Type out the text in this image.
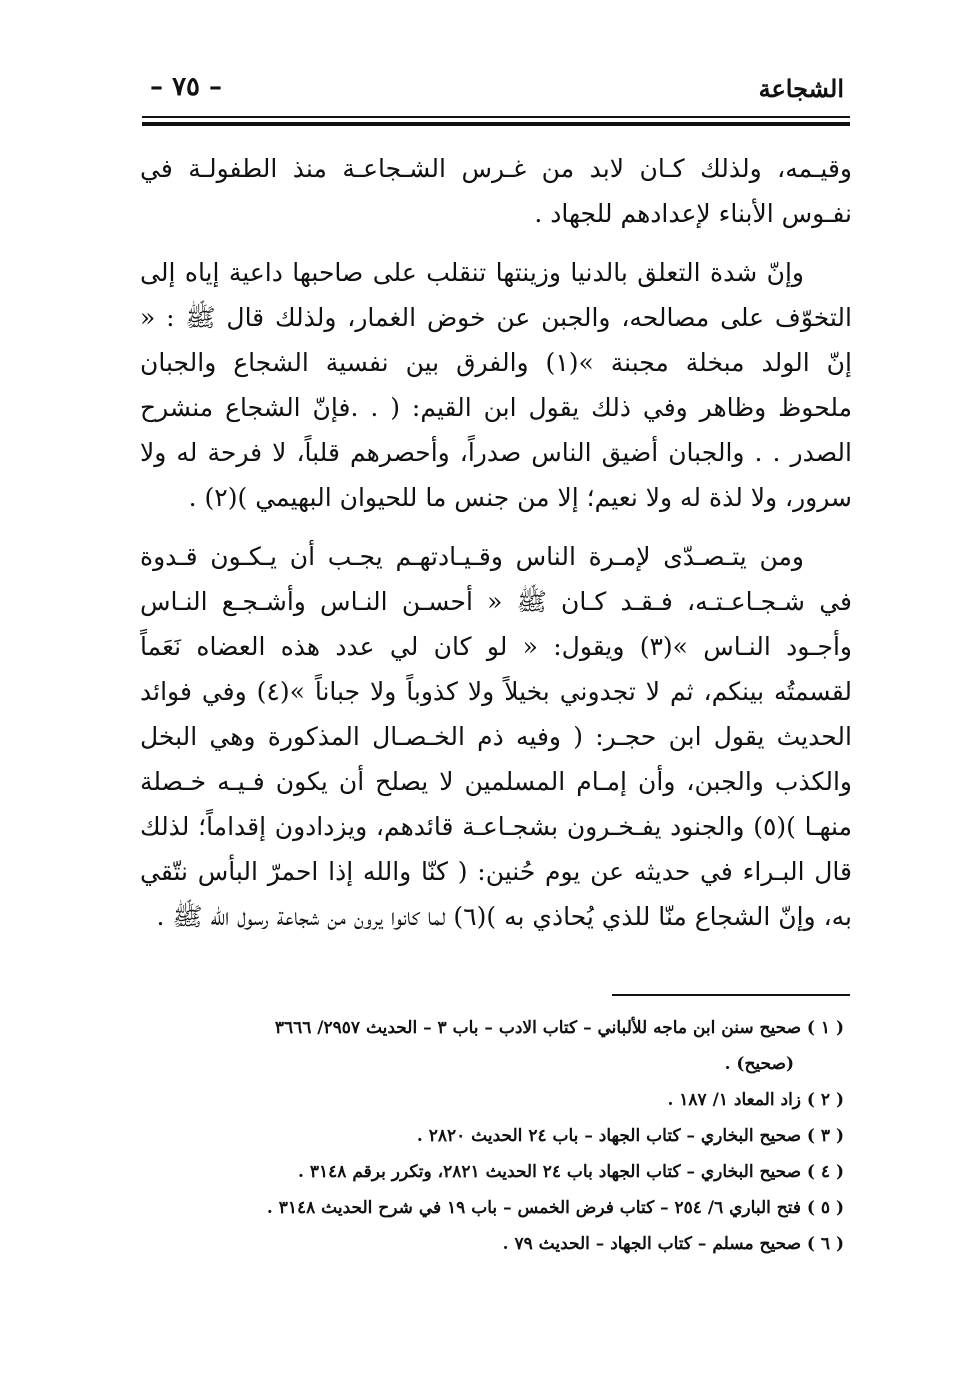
الشجاعة
– ٧٥ –

وقيـمه، ولذلك كـان لابد من غـرس الشـجاعـة منذ الطفولـة في نفـوس الأبناء لإعدادهم للجهاد .

وإنّ شدة التعلق بالدنيا وزينتها تنقلب على صاحبها داعية إياه إلى التخوّف على مصالحه، والجبن عن خوض الغمار، ولذلك قال ﷺ : « إنّ الولد مبخلة مجبنة »(١) والفرق بين نفسية الشجاع والجبان ملحوظ وظاهر وفي ذلك يقول ابن القيم: ( . .فإنّ الشجاع منشرح الصدر . . والجبان أضيق الناس صدراً، وأحصرهم قلباً، لا فرحة له ولا سرور، ولا لذة له ولا نعيم؛ إلا من جنس ما للحيوان البهيمي )(٢) .

ومن يتـصـدّى لإمـرة الناس وقـيـادتهـم يجـب أن يـكـون قـدوة في شـجـاعـتـه، فـقـد كـان ﷺ « أحسـن النـاس وأشـجـع النـاس وأجـود النـاس »(٣) ويقول: « لو كان لي عدد هذه العضاه نَعَماً لقسمتُه بينكم، ثم لا تجدوني بخيلاً ولا كذوباً ولا جباناً »(٤) وفي فوائد الحديث يقول ابن حجـر: ( وفيه ذم الخـصـال المذكورة وهي البخل والكذب والجبن، وأن إمـام المسلمين لا يصلح أن يكون فـيـه خـصلة منهـا )(٥) والجنود يفـخـرون بشجـاعـة قائدهم، ويزدادون إقداماً؛ لذلك قال البـراء في حديثه عن يوم حُنين: ( كنّا والله إذا احمرّ البأس نتّقي به، وإنّ الشجاع منّا للذي يُحاذي به )(٦) لما كانوا يرون من شجاعة رسول الله ﷺ .

( ١ ) صحيح سنن ابن ماجه للألباني – كتاب الادب – باب ٣ – الحديث ٢٩٥٧/ ٣٦٦٦

(صحيح) .

( ٢ ) زاد المعاد ١/ ١٨٧ .

( ٣ ) صحيح البخاري – كتاب الجهاد – باب ٢٤ الحديث ٢٨٢٠ .

( ٤ ) صحيح البخاري – كتاب الجهاد باب ٢٤ الحديث ٢٨٢١، وتكرر برقم ٣١٤٨ .

( ٥ ) فتح الباري ٦/ ٢٥٤ – كتاب فرض الخمس – باب ١٩ في شرح الحديث ٣١٤٨ .

( ٦ ) صحيح مسلم – كتاب الجهاد – الحديث ٧٩ .
